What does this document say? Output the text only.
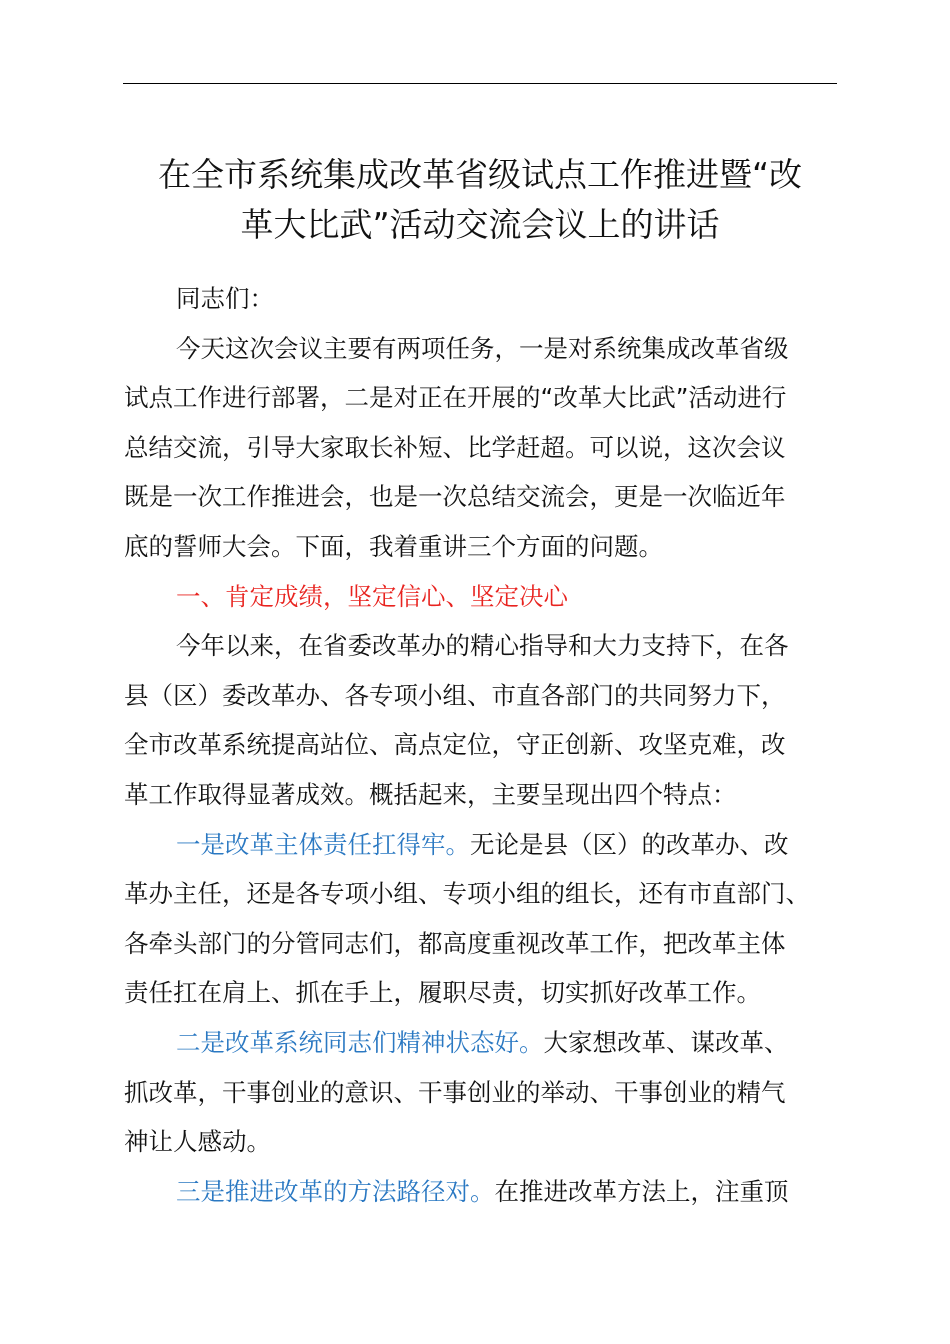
在全市系统集成改革省级试点工作推进暨“改
革大比武”活动交流会议上的讲话
同志们：
今天这次会议主要有两项任务，一是对系统集成改革省级
试点工作进行部署，二是对正在开展的“改革大比武”活动进行
总结交流，引导大家取长补短、比学赶超。可以说，这次会议
既是一次工作推进会，也是一次总结交流会，更是一次临近年
底的誓师大会。下面，我着重讲三个方面的问题。
一、肯定成绩，坚定信心、坚定决心
今年以来，在省委改革办的精心指导和大力支持下，在各
县（区）委改革办、各专项小组、市直各部门的共同努力下，
全市改革系统提高站位、高点定位，守正创新、攻坚克难，改
革工作取得显著成效。概括起来，主要呈现出四个特点：
一是改革主体责任扛得牢。无论是县（区）的改革办、改
革办主任，还是各专项小组、专项小组的组长，还有市直部门、
各牵头部门的分管同志们，都高度重视改革工作，把改革主体
责任扛在肩上、抓在手上，履职尽责，切实抓好改革工作。
二是改革系统同志们精神状态好。大家想改革、谋改革、
抓改革，干事创业的意识、干事创业的举动、干事创业的精气
神让人感动。
三是推进改革的方法路径对。在推进改革方法上，注重顶
